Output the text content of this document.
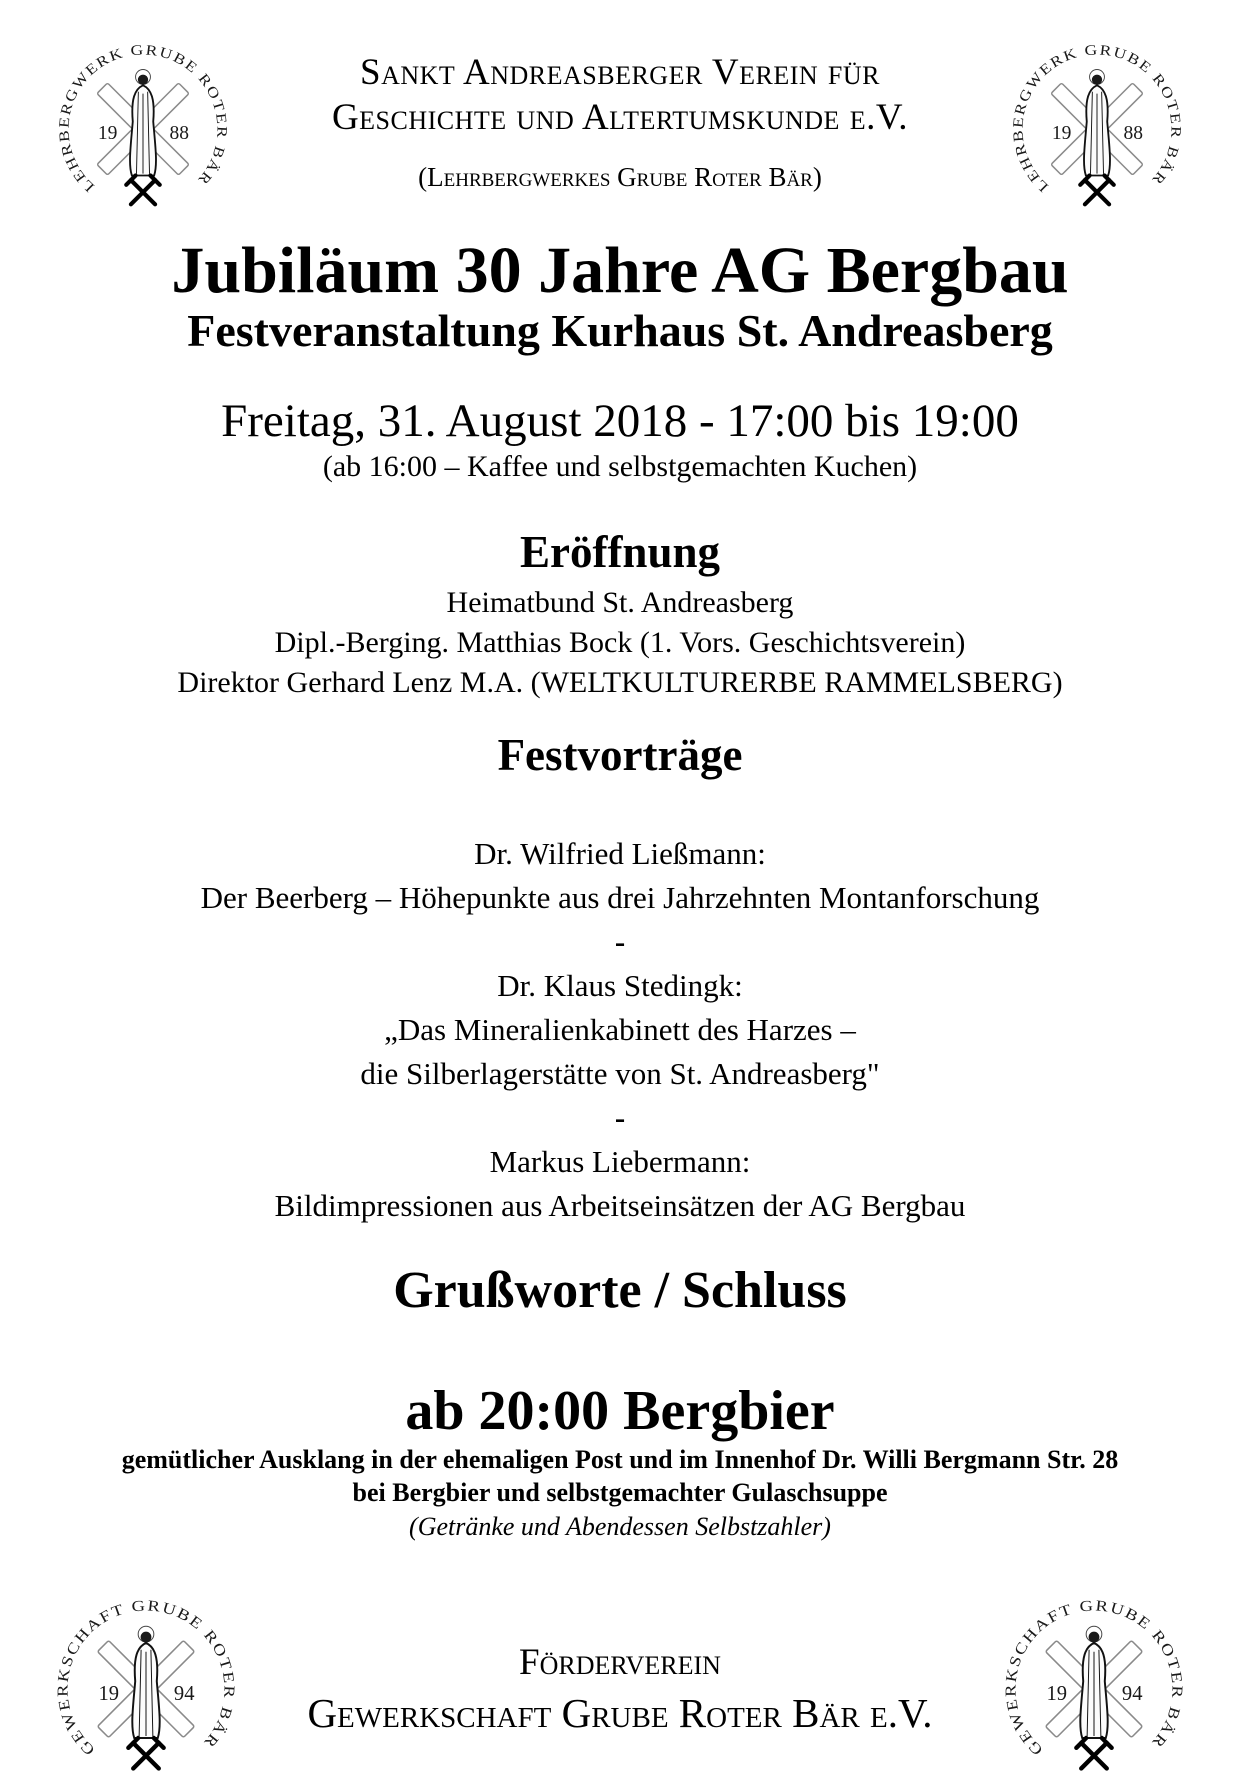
19 88
LEHRBERGWERK GRUBE ROTER BÄR
Sankt Andreasberger Verein für
Geschichte und Altertumskunde e.V.
(Lehrbergwerkes Grube Roter Bär)
19 88
LEHRBERGWERK GRUBE ROTER BÄR
Jubiläum 30 Jahre AG Bergbau
Festveranstaltung Kurhaus St. Andreasberg
Freitag, 31. August 2018 - 17:00 bis 19:00
(ab 16:00 – Kaffee und selbstgemachten Kuchen)
Eröffnung
Heimatbund St. Andreasberg
Dipl.-Berging. Matthias Bock (1. Vors. Geschichtsverein)
Direktor Gerhard Lenz M.A. (WELTKULTURERBE RAMMELSBERG)
Festvorträge
Dr. Wilfried Ließmann:
Der Beerberg – Höhepunkte aus drei Jahrzehnten Montanforschung
-
Dr. Klaus Stedingk:
„Das Mineralienkabinett des Harzes –
die Silberlagerstätte von St. Andreasberg"
-
Markus Liebermann:
Bildimpressionen aus Arbeitseinsätzen der AG Bergbau
Grußworte / Schluss
ab 20:00 Bergbier
gemütlicher Ausklang in der ehemaligen Post und im Innenhof Dr. Willi Bergmann Str. 28
bei Bergbier und selbstgemachter Gulaschsuppe
(Getränke und Abendessen Selbstzahler)
19	94
GEWERKSCHAFT GRUBE ROTER BÄR
Förderverein
Gewerkschaft Grube Roter Bär e.V.	19	94
GEWERKSCHAFT GRUBE ROTER BÄR
